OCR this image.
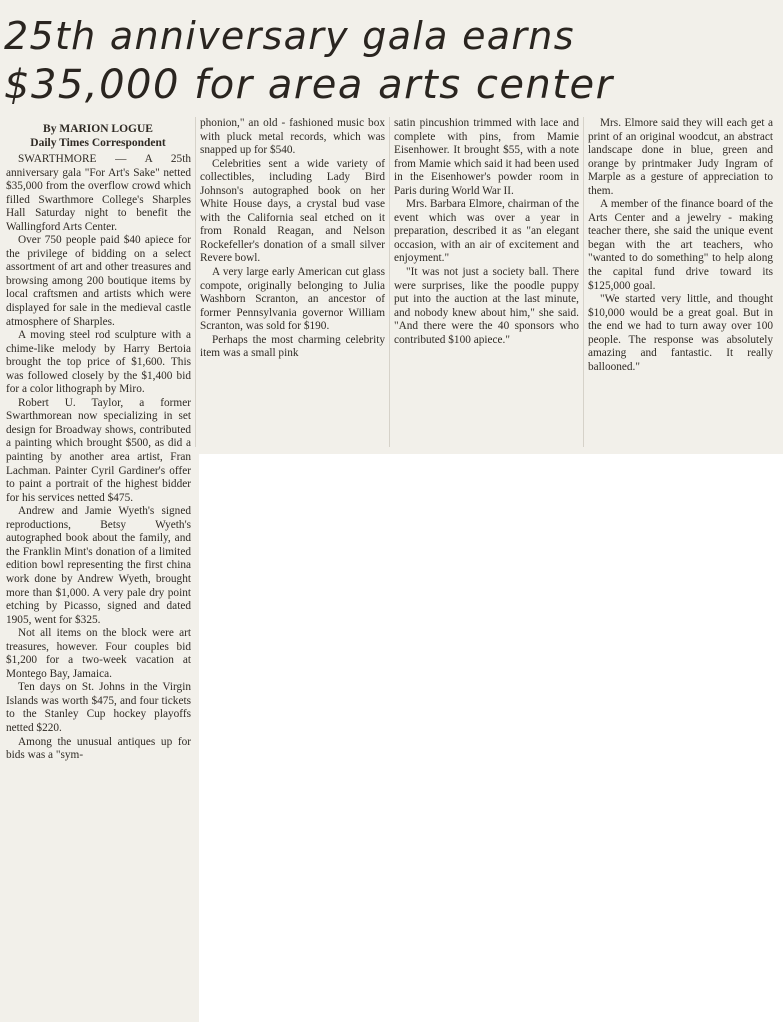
25th anniversary gala earns
$35,000 for area arts center
By MARION LOGUE
Daily Times Correspondent

SWARTHMORE — A 25th anniversary gala "For Art's Sake" netted $35,000 from the overflow crowd which filled Swarthmore College's Sharples Hall Saturday night to benefit the Wallingford Arts Center.

Over 750 people paid $40 apiece for the privilege of bidding on a select assortment of art and other treasures and browsing among 200 boutique items by local craftsmen and artists which were displayed for sale in the medieval castle atmosphere of Sharples.

A moving steel rod sculpture with a chime-like melody by Harry Bertoia brought the top price of $1,600. This was followed closely by the $1,400 bid for a color lithograph by Miro.

Robert U. Taylor, a former Swarthmorean now specializing in set design for Broadway shows, contributed a painting which brought $500, as did a painting by another area artist, Fran Lachman. Painter Cyril Gardiner's offer to paint a portrait of the highest bidder for his services netted $475.

Andrew and Jamie Wyeth's signed reproductions, Betsy Wyeth's autographed book about the family, and the Franklin Mint's donation of a limited edition bowl representing the first china work done by Andrew Wyeth, brought more than $1,000. A very pale dry point etching by Picasso, signed and dated 1905, went for $325.

Not all items on the block were art treasures, however. Four couples bid $1,200 for a two-week vacation at Montego Bay, Jamaica.

Ten days on St. Johns in the Virgin Islands was worth $475, and four tickets to the Stanley Cup hockey playoffs netted $220.

Among the unusual antiques up for bids was a "sym-

phonion," an old - fashioned music box with pluck metal records, which was snapped up for $540.

Celebrities sent a wide variety of collectibles, including Lady Bird Johnson's autographed book on her White House days, a crystal bud vase with the California seal etched on it from Ronald Reagan, and Nelson Rockefeller's donation of a small silver Revere bowl.

A very large early American cut glass compote, originally belonging to Julia Washborn Scranton, an ancestor of former Pennsylvania governor William Scranton, was sold for $190.

Perhaps the most charming celebrity item was a small pink

satin pincushion trimmed with lace and complete with pins, from Mamie Eisenhower. It brought $55, with a note from Mamie which said it had been used in the Eisenhower's powder room in Paris during World War II.

Mrs. Barbara Elmore, chairman of the event which was over a year in preparation, described it as "an elegant occasion, with an air of excitement and enjoyment."

"It was not just a society ball. There were surprises, like the poodle puppy put into the auction at the last minute, and nobody knew about him," she said. "And there were the 40 sponsors who contributed $100 apiece."

Mrs. Elmore said they will each get a print of an original woodcut, an abstract landscape done in blue, green and orange by printmaker Judy Ingram of Marple as a gesture of appreciation to them.

A member of the finance board of the Arts Center and a jewelry - making teacher there, she said the unique event began with the art teachers, who "wanted to do something" to help along the capital fund drive toward its $125,000 goal.

"We started very little, and thought $10,000 would be a great goal. But in the end we had to turn away over 100 people. The response was absolutely amazing and fantastic. It really ballooned."
